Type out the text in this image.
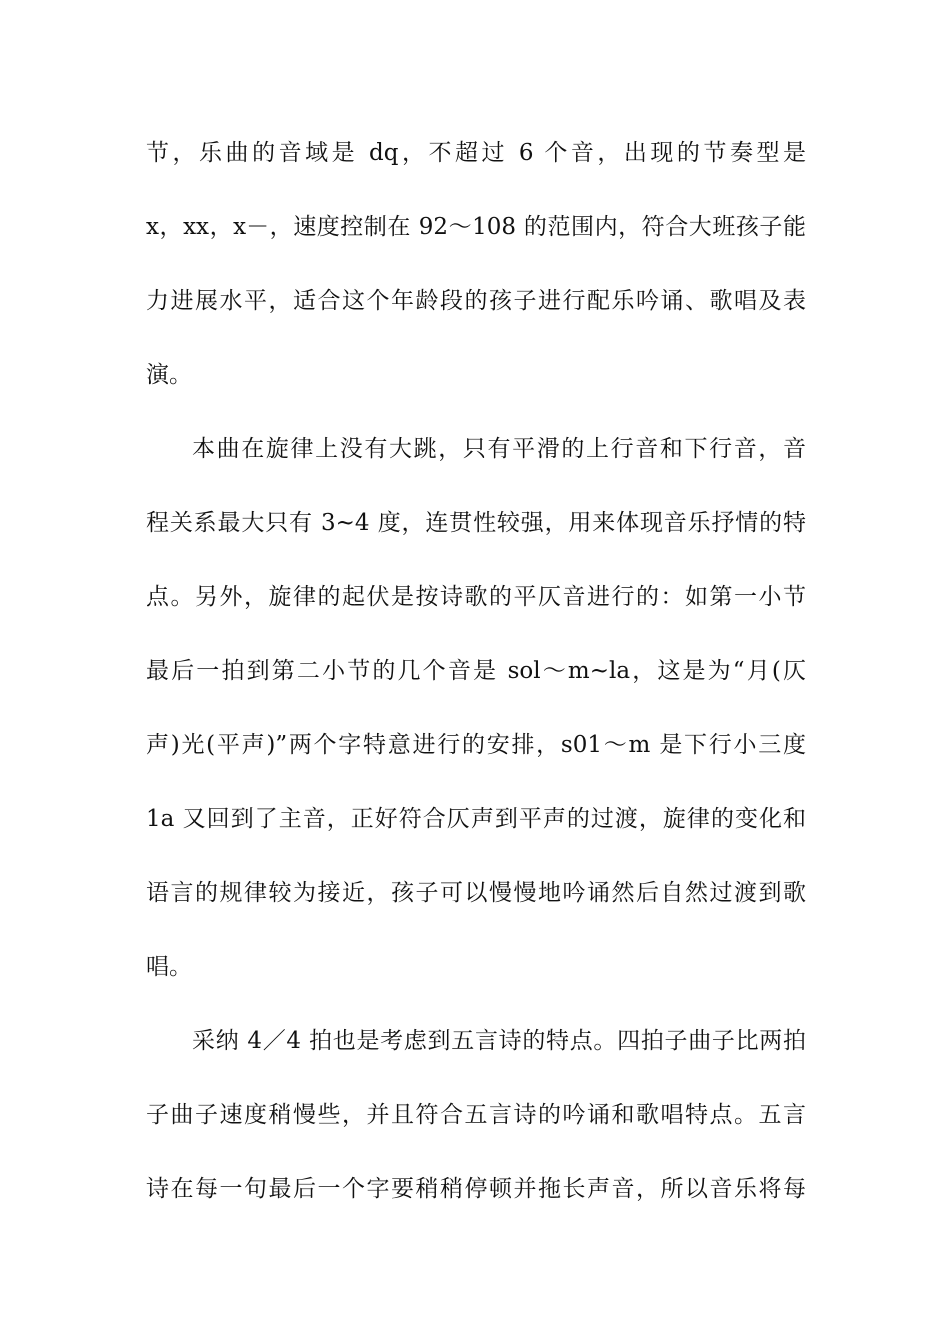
节，乐曲的音域是 dq，不超过 6 个音，出现的节奏型是
x，xx，x－，速度控制在 92～108 的范围内，符合大班孩子能
力进展水平，适合这个年龄段的孩子进行配乐吟诵、歌唱及表
演。
本曲在旋律上没有大跳，只有平滑的上行音和下行音，音
程关系最大只有 3~4 度，连贯性较强，用来体现音乐抒情的特
点。另外，旋律的起伏是按诗歌的平仄音进行的：如第一小节
最后一拍到第二小节的几个音是 sol～m~la，这是为“月(仄
声)光(平声)”两个字特意进行的安排，s01～m 是下行小三度
1a 又回到了主音，正好符合仄声到平声的过渡，旋律的变化和
语言的规律较为接近，孩子可以慢慢地吟诵然后自然过渡到歌
唱。
采纳 4／4 拍也是考虑到五言诗的特点。四拍子曲子比两拍
子曲子速度稍慢些，并且符合五言诗的吟诵和歌唱特点。五言
诗在每一句最后一个字要稍稍停顿并拖长声音，所以音乐将每
